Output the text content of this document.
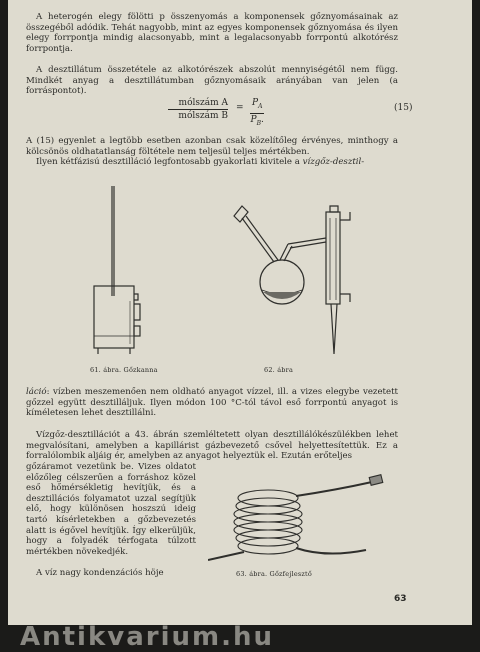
A heterogén elegy fölötti p összenyomás a komponensek gőznyomásainak az összegéből adódik. Tehát nagyobb, mint az egyes komponensek gőznyomása és ilyen elegy forrpontja mindig alacsonyabb, mint a legalacsonyabb forrpontú alkotórész forrpontja.

A desztillátum összetétele az alkotórészek abszolút mennyiségétől nem függ. Mindkét anyag a desztillátumban gőznyomásaik arányában van jelen (a forráspontot).

mólszám A
mólszám B
= $\frac{P_A}{P_B.}$	(15)

A (15) egyenlet a legtöbb esetben azonban csak közelítőleg érvényes, minthogy a kölcsönös oldhatatlanság föltétele nem teljesül teljes mértékben.

Ilyen kétfázisú desztilláció legfontosabb gyakorlati kivitele a vízgőz-desztil-

61. ábra. Gőzkanna	62. ábra

láció: vízben meszemenően nem oldható anyagot vízzel, ill. a vizes elegybe vezetett gőzzel együtt desztilláljuk. Ilyen módon 100 °C-tól távol eső forrpontú anyagot is kíméletesen lehet desztillálni.

Vízgőz-desztillációt a 43. ábrán szemléltetett olyan desztillálókészülékben lehet megvalósítani, amelyben a kapillárist gázbevezető csővel helyettesítettük. Ez a forralólombik aljáig ér, amelyben az anyagot helyeztük el. Ezután erőteljes

gőzáramot vezetünk be. Vizes oldatot előzőleg célszerűen a forráshoz közel eső hőmérsékletig hevítjük, és a desztillációs folyamatot uzzal segítjük elő, hogy különösen hoszszú ideig tartó kísérletekben a gőzbevezetés alatt is égővel hevítjük. Így elkerüljük, hogy a folyadék térfogata túlzott mértékben növekedjék.

63. ábra. Gőzfejlesztő

A víz nagy kondenzációs höje

63
Antikvarium.hu
